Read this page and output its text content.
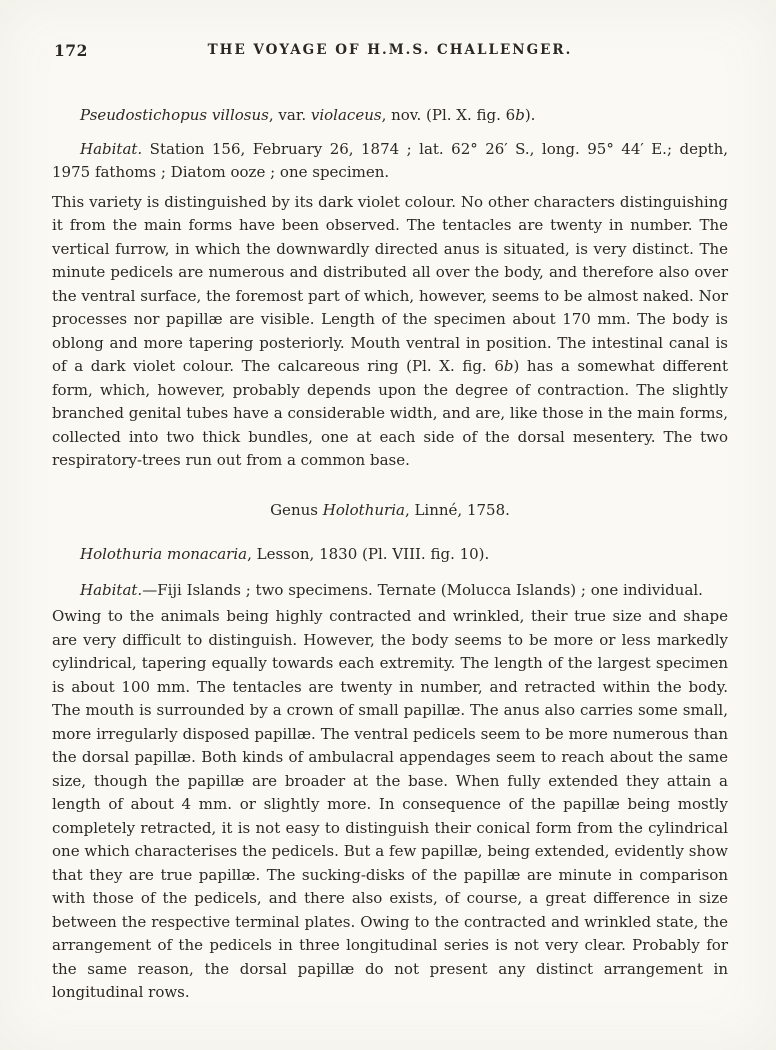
172	THE VOYAGE OF H.M.S. CHALLENGER.

Pseudostichopus villosus, var. violaceus, nov. (Pl. X. fig. 6b).

Habitat. Station 156, February 26, 1874 ; lat. 62° 26′ S., long. 95° 44′ E.; depth, 1975 fathoms ; Diatom ooze ; one specimen.

This variety is distinguished by its dark violet colour. No other characters distinguishing it from the main forms have been observed. The tentacles are twenty in number. The vertical furrow, in which the downwardly directed anus is situated, is very distinct. The minute pedicels are numerous and distributed all over the body, and therefore also over the ventral surface, the foremost part of which, however, seems to be almost naked. Nor processes nor papillæ are visible. Length of the specimen about 170 mm. The body is oblong and more tapering posteriorly. Mouth ventral in position. The intestinal canal is of a dark violet colour. The calcareous ring (Pl. X. fig. 6b) has a somewhat different form, which, however, probably depends upon the degree of contraction. The slightly branched genital tubes have a considerable width, and are, like those in the main forms, collected into two thick bundles, one at each side of the dorsal mesentery. The two respiratory-trees run out from a common base.

Genus Holothuria, Linné, 1758.

Holothuria monacaria, Lesson, 1830 (Pl. VIII. fig. 10).

Habitat.—Fiji Islands ; two specimens. Ternate (Molucca Islands) ; one individual.

Owing to the animals being highly contracted and wrinkled, their true size and shape are very difficult to distinguish. However, the body seems to be more or less markedly cylindrical, tapering equally towards each extremity. The length of the largest specimen is about 100 mm. The tentacles are twenty in number, and retracted within the body. The mouth is surrounded by a crown of small papillæ. The anus also carries some small, more irregularly disposed papillæ. The ventral pedicels seem to be more numerous than the dorsal papillæ. Both kinds of ambulacral appendages seem to reach about the same size, though the papillæ are broader at the base. When fully extended they attain a length of about 4 mm. or slightly more. In consequence of the papillæ being mostly completely retracted, it is not easy to distinguish their conical form from the cylindrical one which characterises the pedicels. But a few papillæ, being extended, evidently show that they are true papillæ. The sucking-disks of the papillæ are minute in comparison with those of the pedicels, and there also exists, of course, a great difference in size between the respective terminal plates. Owing to the contracted and wrinkled state, the arrangement of the pedicels in three longitudinal series is not very clear. Probably for the same reason, the dorsal papillæ do not present any distinct arrangement in longitudinal rows.
